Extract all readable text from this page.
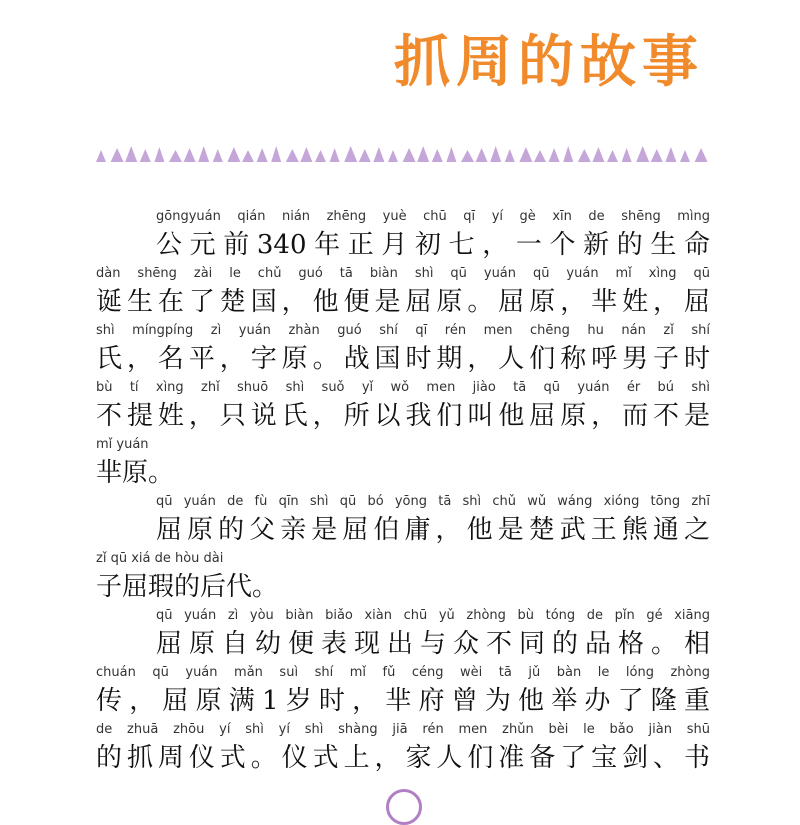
抓周的故事
gōngyuán qián nián zhēng yuè chū qī yí gè xīn de shēng mìng
公元前340年正月初七，一个新的生命
dàn shēng zài le chǔ guó tā biàn shì qū yuán qū yuán mǐ xìng qū
诞生在了楚国，他便是屈原。屈原，芈姓，屈
shì míngpíng zì yuán zhàn guó shí qī rén men chēng hu nán zǐ shí
氏，名平，字原。战国时期，人们称呼男子时
bù tí xìng zhǐ shuō shì suǒ yǐ wǒ men jiào tā qū yuán ér bú shì
不提姓，只说氏，所以我们叫他屈原，而不是
mǐ yuán
芈原。
qū yuán de fù qīn shì qū bó yōng tā shì chǔ wǔ wáng xióng tōng zhī
屈原的父亲是屈伯庸，他是楚武王熊通之
zǐ qū xiá de hòu dài
子屈瑕的后代。
qū yuán zì yòu biàn biǎo xiàn chū yǔ zhòng bù tóng de pǐn gé xiāng
屈原自幼便表现出与众不同的品格。相
chuán qū yuán mǎn suì shí mǐ fǔ céng wèi tā jǔ bàn le lóng zhòng
传，屈原满1岁时，芈府曾为他举办了隆重
de zhuā zhōu yí shì yí shì shàng jiā rén men zhǔn bèi le bǎo jiàn shū
的抓周仪式。仪式上，家人们准备了宝剑、书
